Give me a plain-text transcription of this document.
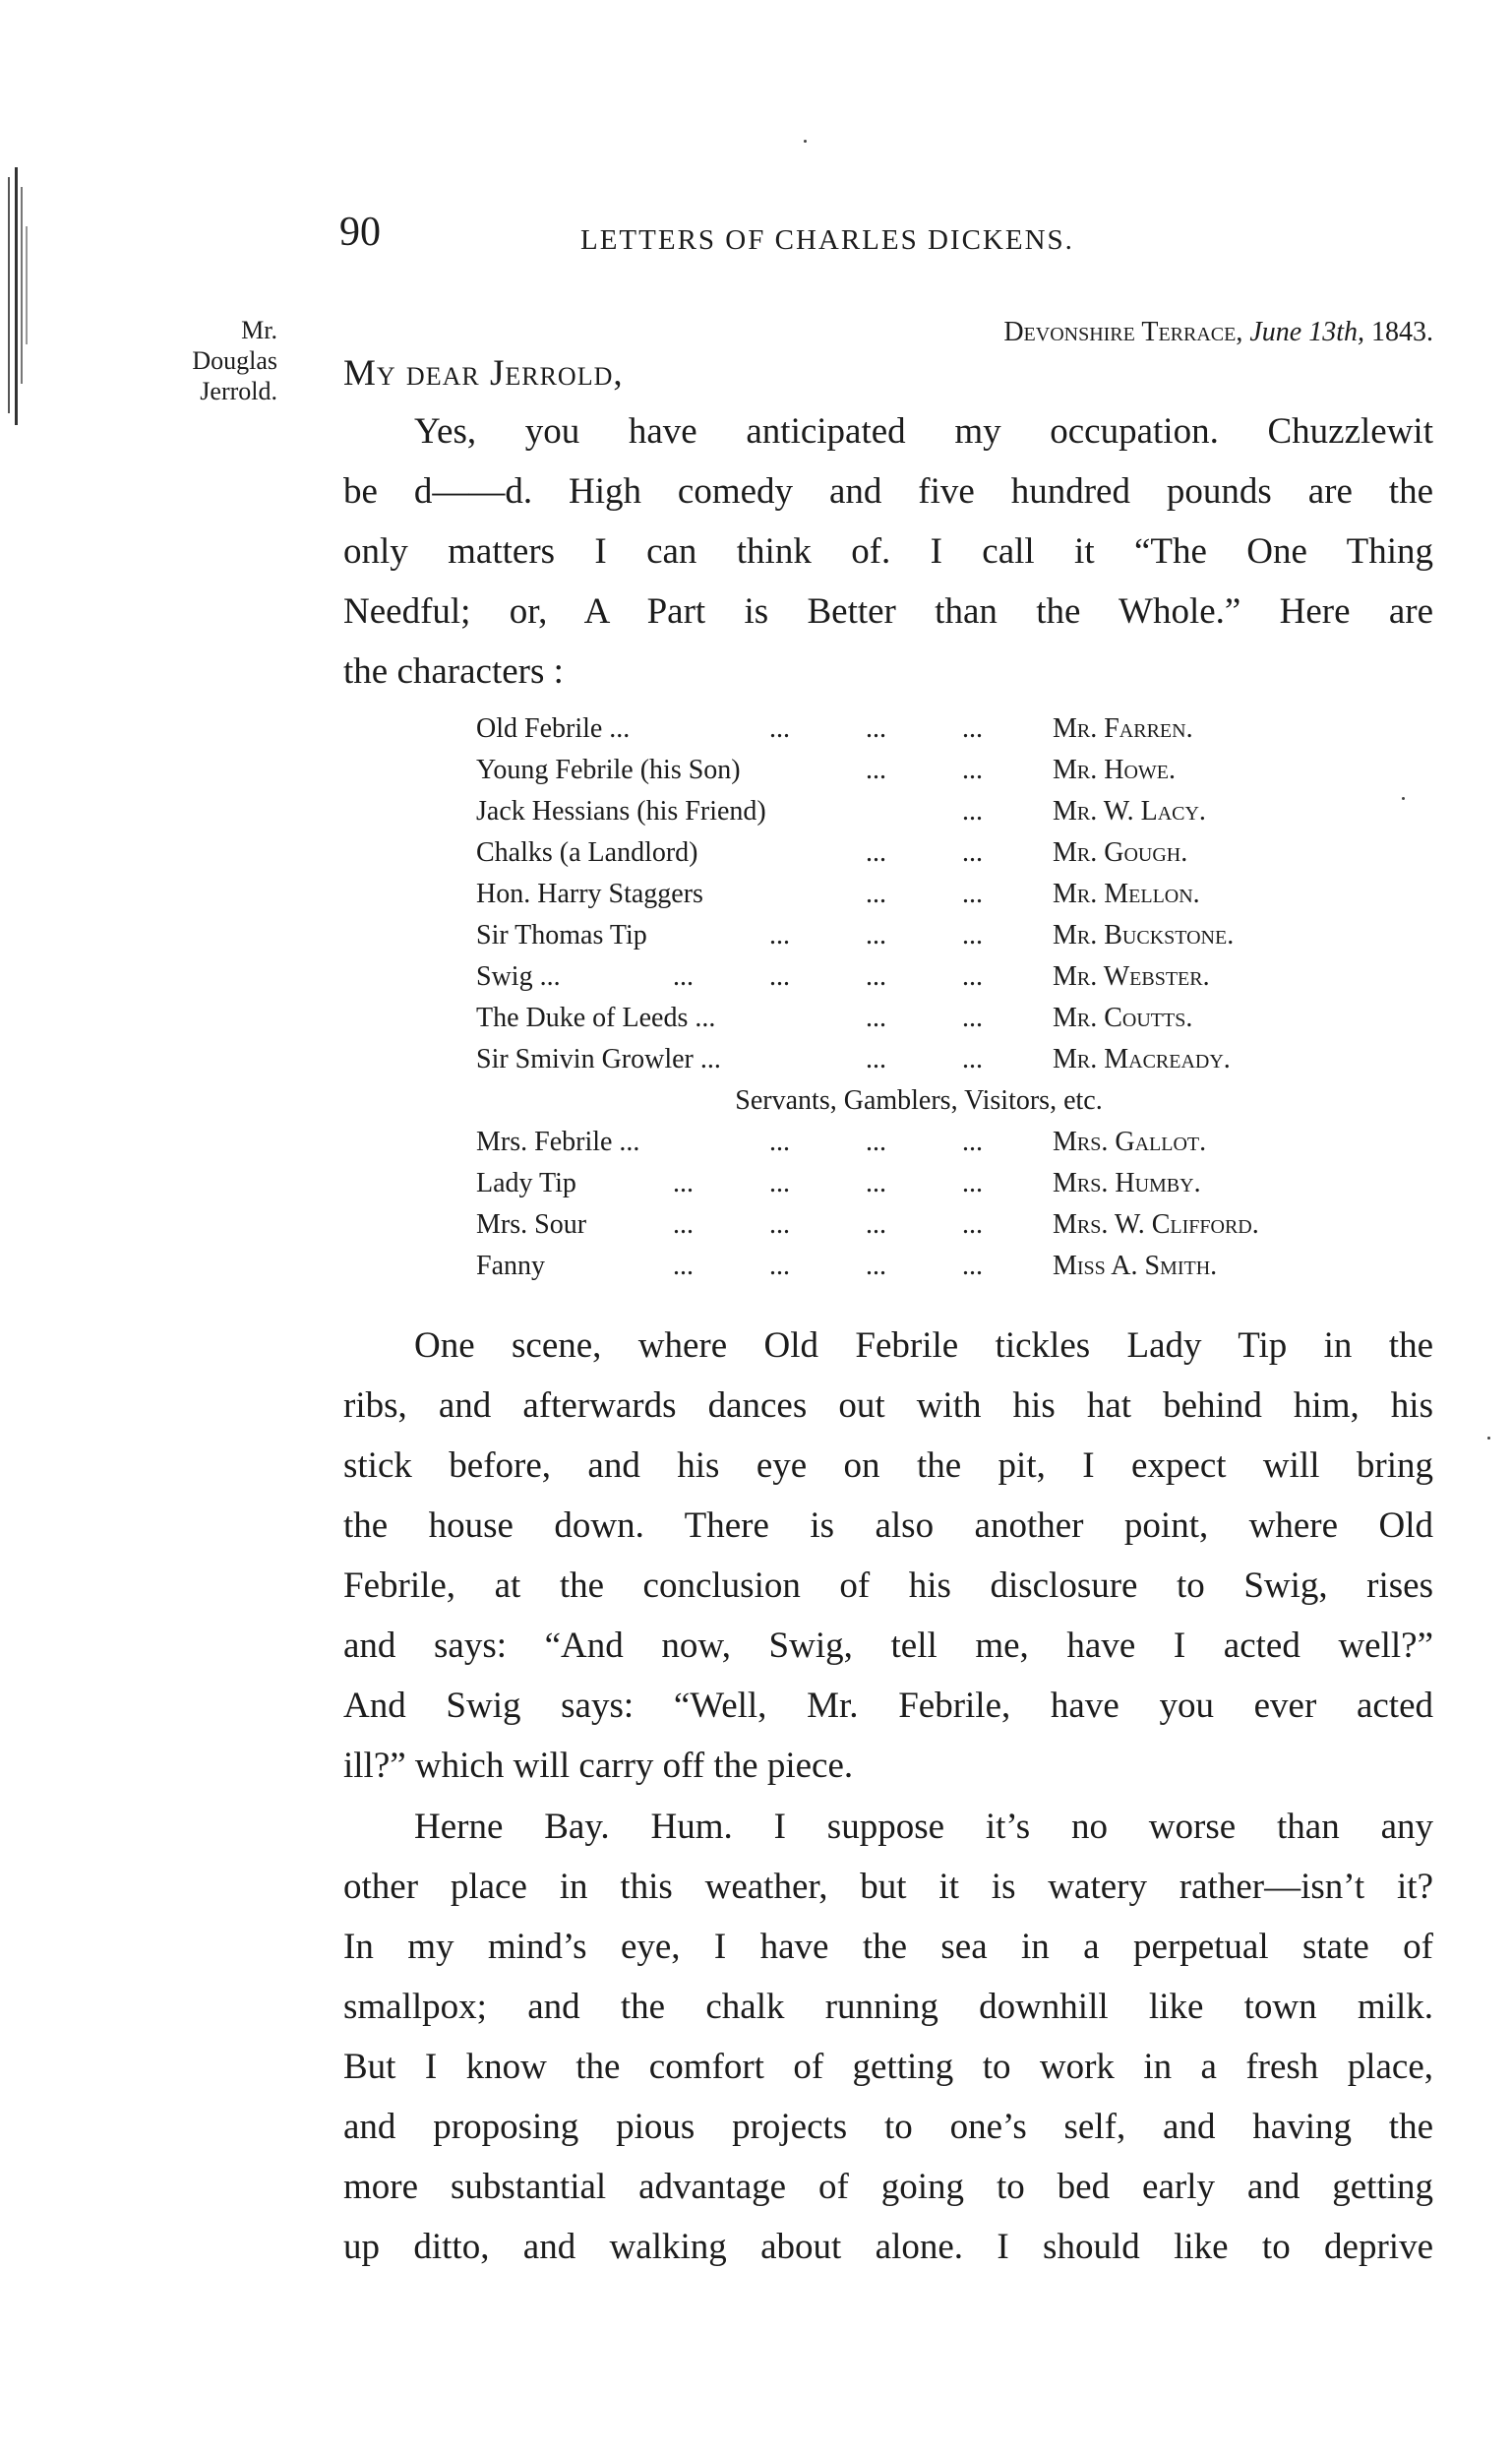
90	LETTERS OF CHARLES DICKENS.
Mr.
Douglas
Jerrold.
Devonshire Terrace, June 13th, 1843.
My dear Jerrold,
Yes, you have anticipated my occupation. Chuzzlewit
be d——d. High comedy and five hundred pounds are the
only matters I can think of. I call it “The One Thing
Needful; or, A Part is Better than the Whole.” Here are
the characters :
Old Febrile ...	...	...	...	Mr. Farren.
Young Febrile (his Son)	...	...	Mr. Howe.
Jack Hessians (his Friend)	...	Mr. W. Lacy.
Chalks (a Landlord)	...	...	Mr. Gough.
Hon. Harry Staggers	...	...	Mr. Mellon.
Sir Thomas Tip	...	...	...	Mr. Buckstone.
Swig ...	...	...	...	...	Mr. Webster.
The Duke of Leeds ...	...	...	Mr. Coutts.
Sir Smivin Growler ...	...	...	Mr. Macready.
Servants, Gamblers, Visitors, etc.
Mrs. Febrile ...	...	...	...	Mrs. Gallot.
Lady Tip	...	...	...	...	Mrs. Humby.
Mrs. Sour	...	...	...	...	Mrs. W. Clifford.
Fanny	...	...	...	...	Miss A. Smith.
One scene, where Old Febrile tickles Lady Tip in the
ribs, and afterwards dances out with his hat behind him, his
stick before, and his eye on the pit, I expect will bring
the house down. There is also another point, where Old
Febrile, at the conclusion of his disclosure to Swig, rises
and says: “And now, Swig, tell me, have I acted well?”
And Swig says: “Well, Mr. Febrile, have you ever acted
ill?” which will carry off the piece.
Herne Bay. Hum. I suppose it’s no worse than any
other place in this weather, but it is watery rather—isn’t it?
In my mind’s eye, I have the sea in a perpetual state of
smallpox; and the chalk running downhill like town milk.
But I know the comfort of getting to work in a fresh place,
and proposing pious projects to one’s self, and having the
more substantial advantage of going to bed early and getting
up ditto, and walking about alone. I should like to deprive
